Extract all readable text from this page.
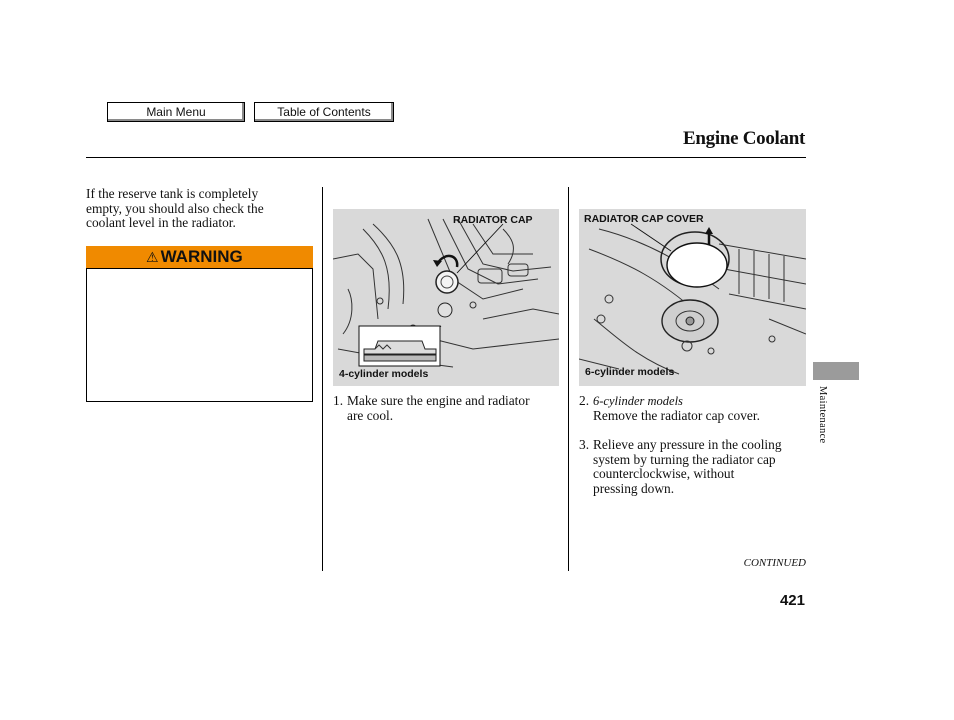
Main Menu	Table of Contents
Engine Coolant
If the reserve tank is completely
empty, you should also check the
coolant level in the radiator.
⚠ WARNING
RADIATOR CAP
4-cylinder models
RADIATOR CAP COVER
6-cylinder models
1. Make sure the engine and radiator
are cool.
2. 6-cylinder models
Remove the radiator cap cover.
3. Relieve any pressure in the cooling
system by turning the radiator cap
counterclockwise, without
pressing down.
Maintenance
CONTINUED
421
